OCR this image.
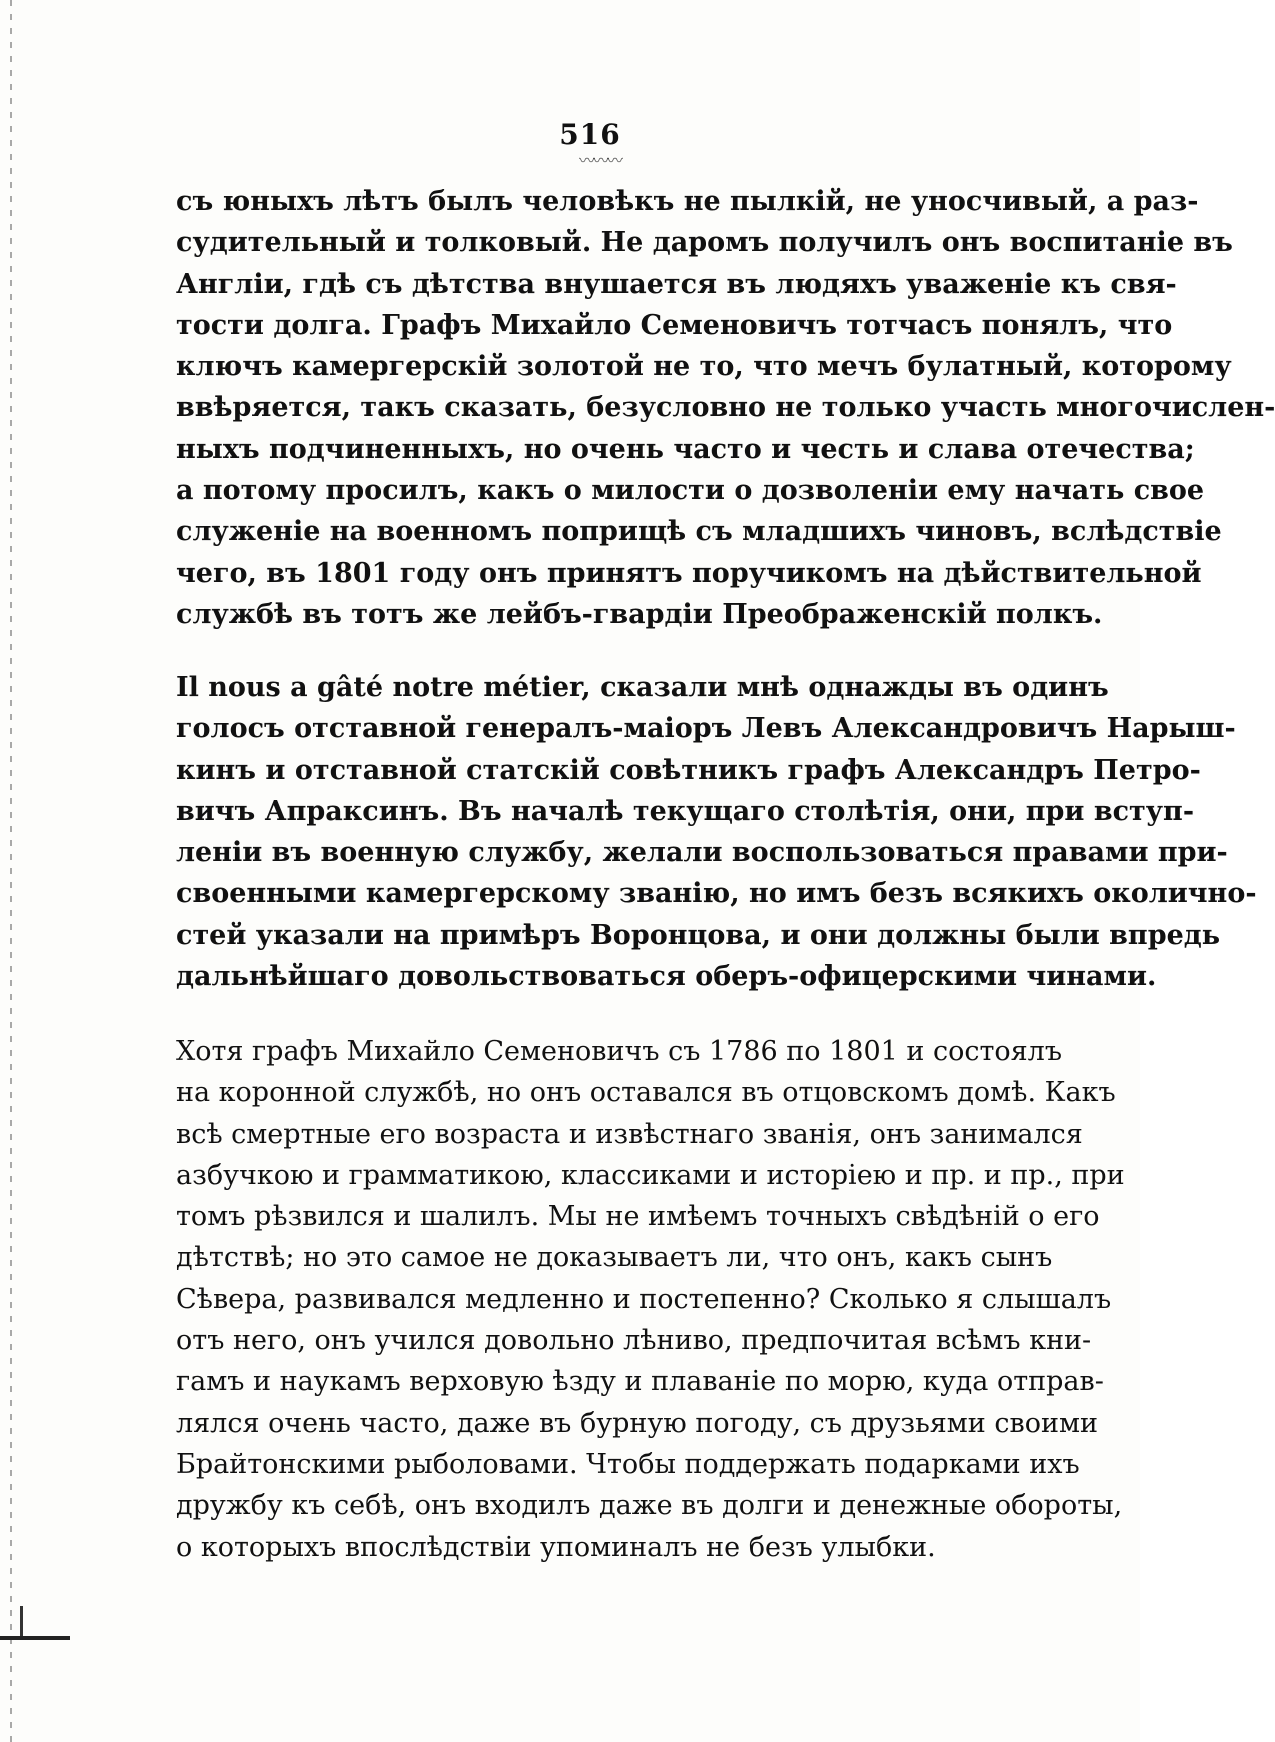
516
〰〰〰
съ юныхъ лѣтъ былъ человѣкъ не пылкій, не уносчивый, а раз-
судительный и толковый. Не даромъ получилъ онъ воспитаніе въ
Англіи, гдѣ съ дѣтства внушается въ людяхъ уваженіе къ свя-
тости долга. Графъ Михайло Семеновичъ тотчасъ понялъ, что
ключъ камергерскій золотой не то, что мечъ булатный, которому
ввѣряется, такъ сказать, безусловно не только участь многочислен-
ныхъ подчиненныхъ, но очень часто и честь и слава отечества;
а потому просилъ, какъ о милости о дозволеніи ему начать свое
служеніе на военномъ поприщѣ съ младшихъ чиновъ, вслѣдствіе
чего, въ 1801 году онъ принятъ поручикомъ на дѣйствительной
службѣ въ тотъ же лейбъ-гвардіи Преображенскій полкъ.
Il nous a gâté notre métier, сказали мнѣ однажды въ одинъ
голосъ отставной генералъ-маіоръ Левъ Александровичъ Нарыш-
кинъ и отставной статскій совѣтникъ графъ Александръ Петро-
вичъ Апраксинъ. Въ началѣ текущаго столѣтія, они, при вступ-
леніи въ военную службу, желали воспользоваться правами при-
своенными камергерскому званію, но имъ безъ всякихъ околично-
стей указали на примѣръ Воронцова, и они должны были впредь
дальнѣйшаго довольствоваться оберъ-офицерскими чинами.
Хотя графъ Михайло Семеновичъ съ 1786 по 1801 и состоялъ
на коронной службѣ, но онъ оставался въ отцовскомъ домѣ. Какъ
всѣ смертные его возраста и извѣстнаго званія, онъ занимался
азбучкою и грамматикою, классиками и исторіею и пр. и пр., при
томъ рѣзвился и шалилъ. Мы не имѣемъ точныхъ свѣдѣній о его
дѣтствѣ; но это самое не доказываетъ ли, что онъ, какъ сынъ
Сѣвера, развивался медленно и постепенно? Сколько я слышалъ
отъ него, онъ учился довольно лѣниво, предпочитая всѣмъ кни-
гамъ и наукамъ верховую ѣзду и плаваніе по морю, куда отправ-
лялся очень часто, даже въ бурную погоду, съ друзьями своими
Брайтонскими рыболовами. Чтобы поддержать подарками ихъ
дружбу къ себѣ, онъ входилъ даже въ долги и денежные обороты,
о которыхъ впослѣдствіи упоминалъ не безъ улыбки.
